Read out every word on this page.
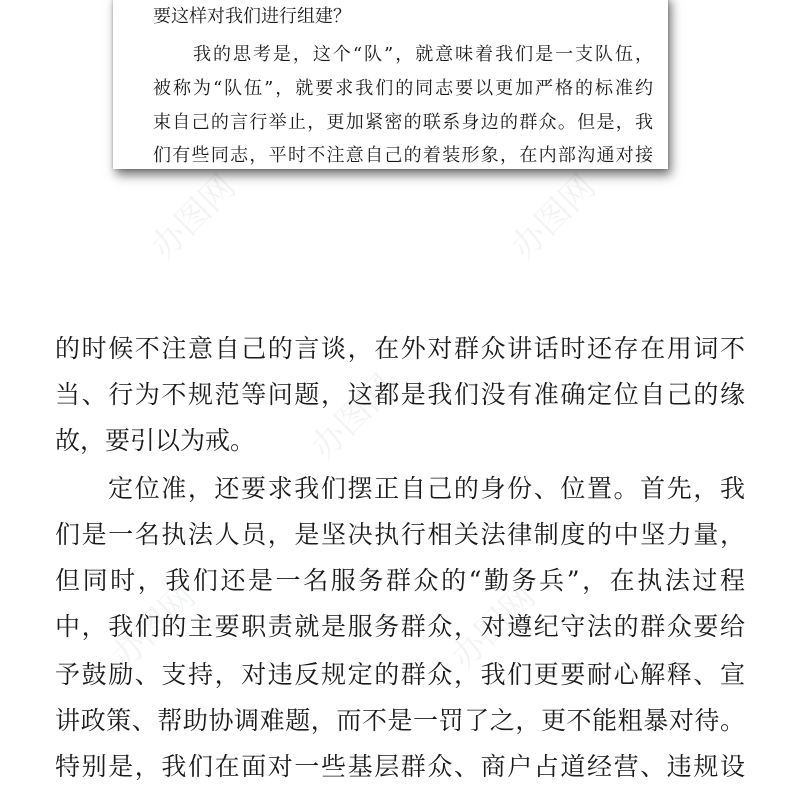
办图网	办图网
办图网
办图网	办图网
要这样对我们进行组建？
我的思考是，这个“队”，就意味着我们是一支队伍，
被称为“队伍”，就要求我们的同志要以更加严格的标准约
束自己的言行举止，更加紧密的联系身边的群众。但是，我
们有些同志，平时不注意自己的着装形象，在内部沟通对接
的时候不注意自己的言谈，在外对群众讲话时还存在用词不
当、行为不规范等问题，这都是我们没有准确定位自己的缘
故，要引以为戒。
定位准，还要求我们摆正自己的身份、位置。首先，我
们是一名执法人员，是坚决执行相关法律制度的中坚力量，
但同时，我们还是一名服务群众的“勤务兵”，在执法过程
中，我们的主要职责就是服务群众，对遵纪守法的群众要给
予鼓励、支持，对违反规定的群众，我们更要耐心解释、宣
讲政策、帮助协调难题，而不是一罚了之，更不能粗暴对待。
特别是，我们在面对一些基层群众、商户占道经营、违规设
